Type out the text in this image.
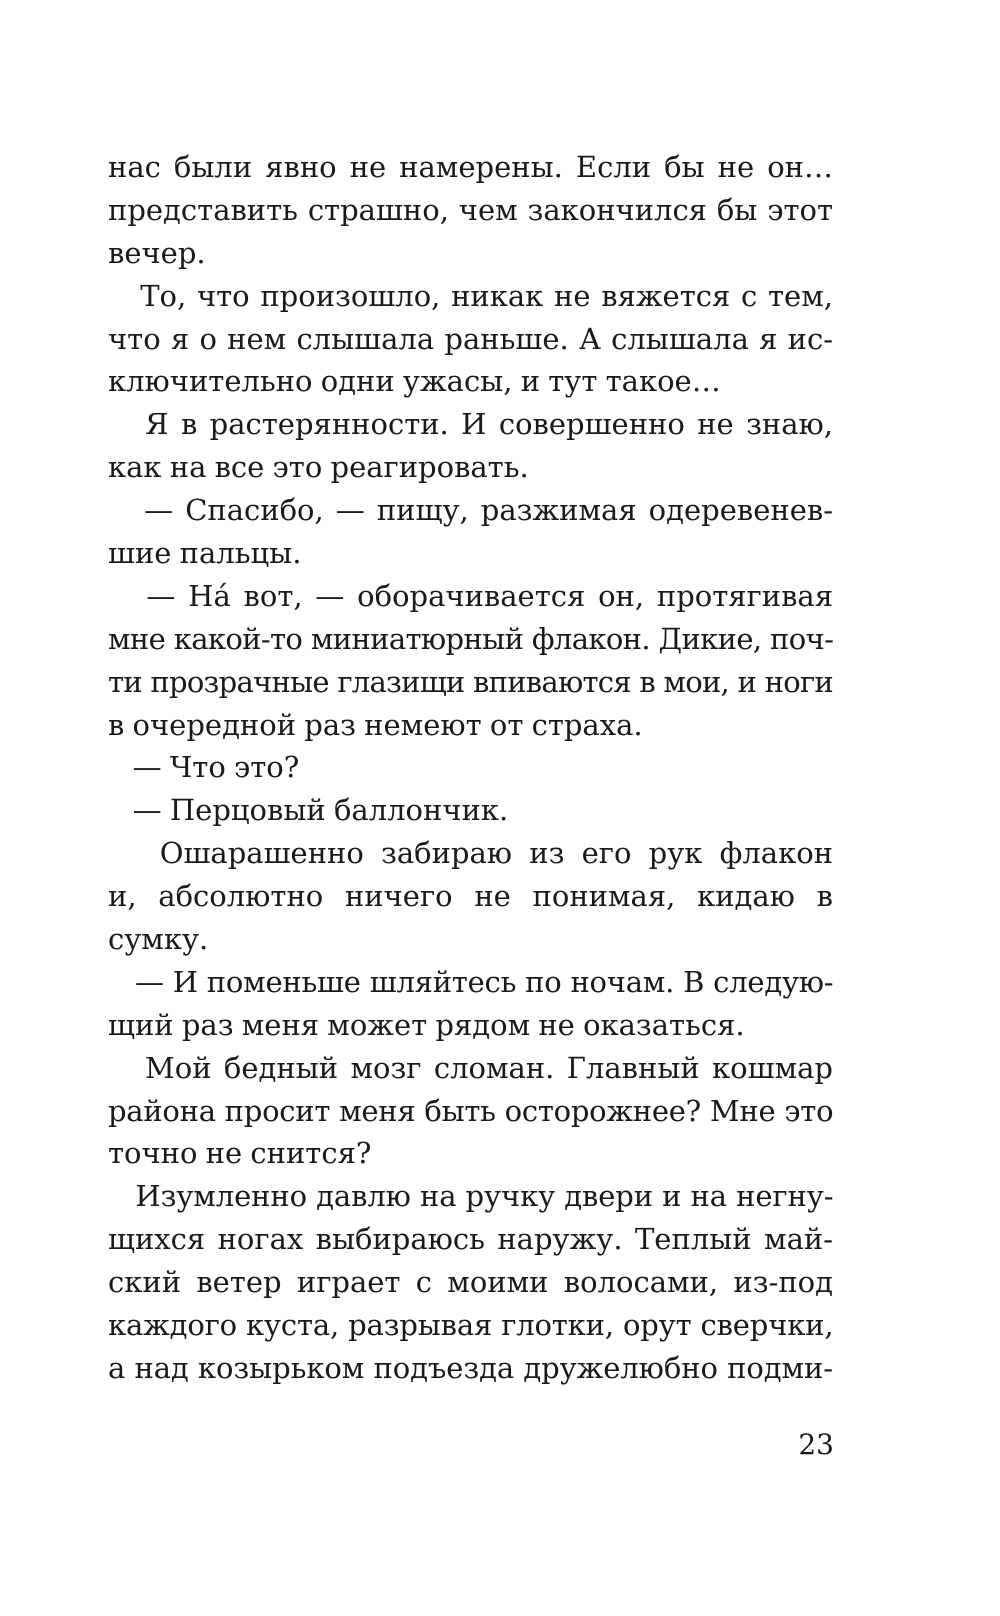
нас были явно не намерены. Если бы не он…
представить страшно, чем закончился бы этот
вечер.
То, что произошло, никак не вяжется с тем,
что я о нем слышала раньше. А слышала я ис-
ключительно одни ужасы, и тут такое…
Я в растерянности. И совершенно не знаю,
как на все это реагировать.
— Спасибо, — пищу, разжимая одеревенев-
шие пальцы.
— На́ вот, — оборачивается он, протягивая
мне какой-то миниатюрный флакон. Дикие, поч-
ти прозрачные глазищи впиваются в мои, и ноги
в очередной раз немеют от страха.
— Что это?
— Перцовый баллончик.
Ошарашенно забираю из его рук флакон
и, абсолютно ничего не понимая, кидаю в
сумку.
— И поменьше шляйтесь по ночам. В следую-
щий раз меня может рядом не оказаться.
Мой бедный мозг сломан. Главный кошмар
района просит меня быть осторожнее? Мне это
точно не снится?
Изумленно давлю на ручку двери и на негну-
щихся ногах выбираюсь наружу. Теплый май-
ский ветер играет с моими волосами, из-под
каждого куста, разрывая глотки, орут сверчки,
а над козырьком подъезда дружелюбно подми-
23
